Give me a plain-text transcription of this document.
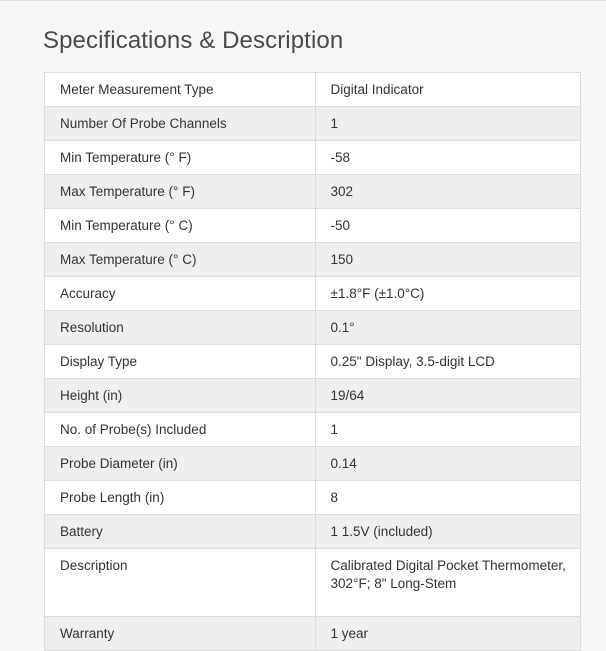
Specifications & Description
Meter Measurement Type	Digital Indicator
Number Of Probe Channels	1
Min Temperature (° F)	-58
Max Temperature (° F)	302
Min Temperature (° C)	-50
Max Temperature (° C)	150
Accuracy	±1.8°F (±1.0°C)
Resolution	0.1°
Display Type	0.25" Display, 3.5-digit LCD
Height (in)	19/64
No. of Probe(s) Included	1
Probe Diameter (in)	0.14
Probe Length (in)	8
Battery	1 1.5V (included)
Description	Calibrated Digital Pocket Thermometer, 302°F; 8" Long-Stem
Warranty	1 year
